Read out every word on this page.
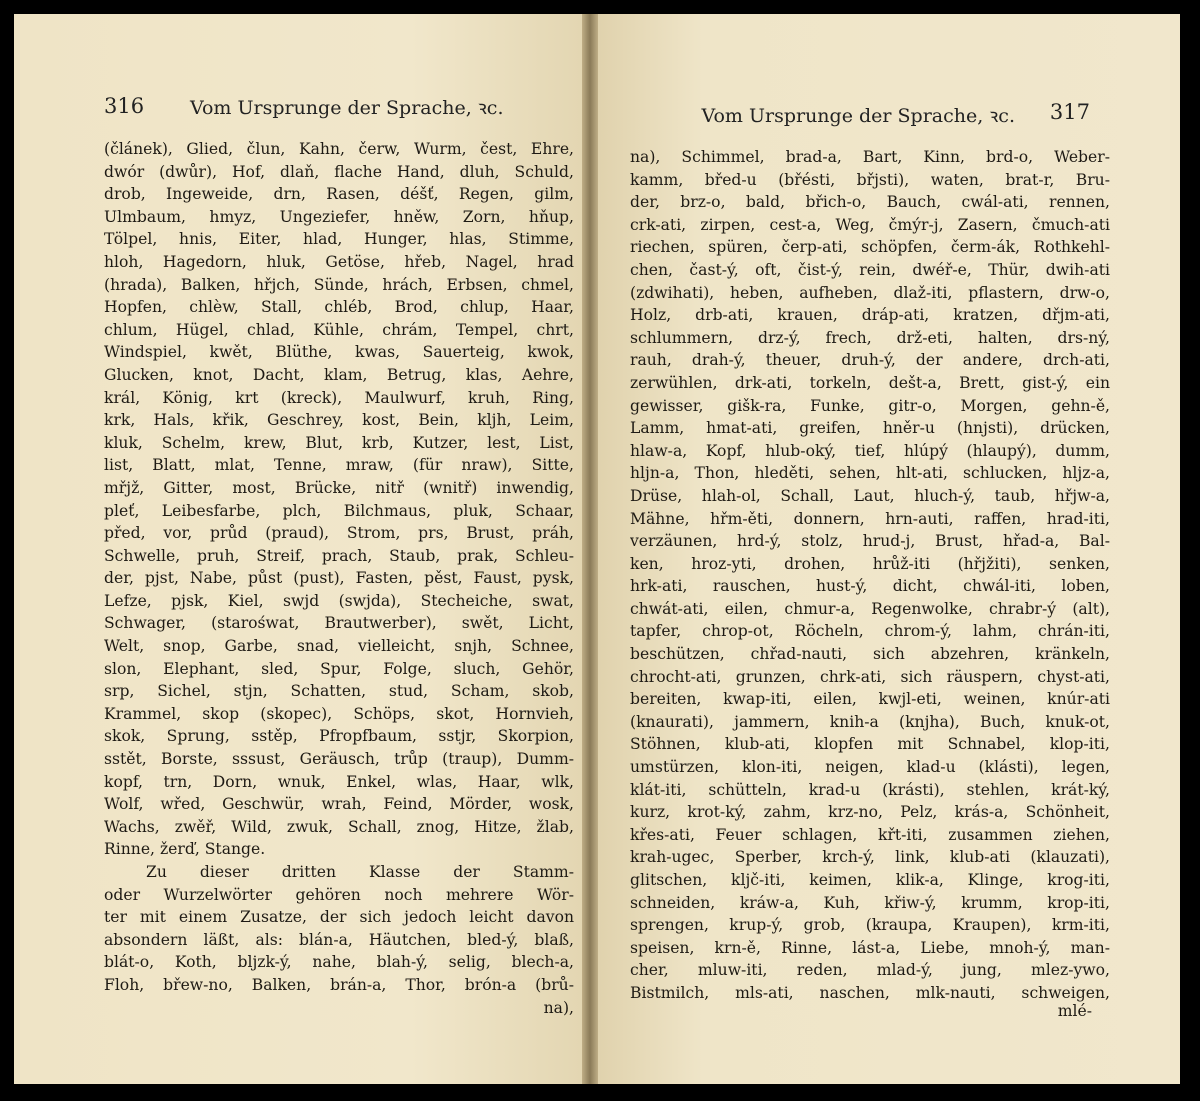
316 Vom Ursprunge der Sprache, ꝛc.
(článek), Glied, člun, Kahn, čerw, Wurm, čest, Ehre,
dwór (dwůr), Hof, dlaň, flache Hand, dluh, Schuld,
drob, Ingeweide, drn, Rasen, déšť, Regen, gilm,
Ulmbaum, hmyz, Ungeziefer, hněw, Zorn, hňup,
Tölpel, hnis, Eiter, hlad, Hunger, hlas, Stimme,
hloh, Hagedorn, hluk, Getöse, hřeb, Nagel, hrad
(hrada), Balken, hřjch, Sünde, hrách, Erbsen, chmel,
Hopfen, chlèw, Stall, chléb, Brod, chlup, Haar,
chlum, Hügel, chlad, Kühle, chrám, Tempel, chrt,
Windspiel, kwět, Blüthe, kwas, Sauerteig, kwok,
Glucken, knot, Dacht, klam, Betrug, klas, Aehre,
král, König, krt (kreck), Maulwurf, kruh, Ring,
krk, Hals, křik, Geschrey, kost, Bein, kljh, Leim,
kluk, Schelm, krew, Blut, krb, Kutzer, lest, List,
list, Blatt, mlat, Tenne, mraw, (für nraw), Sitte,
mřjž, Gitter, most, Brücke, nitř (wnitř) inwendig,
pleť, Leibesfarbe, plch, Bilchmaus, pluk, Schaar,
před, vor, průd (praud), Strom, prs, Brust, práh,
Schwelle, pruh, Streif, prach, Staub, prak, Schleu-
der, pjst, Nabe, půst (pust), Fasten, pěst, Faust, pysk,
Lefze, pjsk, Kiel, swjd (swjda), Stecheiche, swat,
Schwager, (starośwat, Brautwerber), swět, Licht,
Welt, snop, Garbe, snad, vielleicht, snjh, Schnee,
slon, Elephant, sled, Spur, Folge, sluch, Gehör,
srp, Sichel, stjn, Schatten, stud, Scham, skob,
Krammel, skop (skopec), Schöps, skot, Hornvieh,
skok, Sprung, sstěp, Pfropfbaum, sstjr, Skorpion,
sstět, Borste, sssust, Geräusch, trůp (traup), Dumm-
kopf, trn, Dorn, wnuk, Enkel, wlas, Haar, wlk,
Wolf, wřed, Geschwür, wrah, Feind, Mörder, wosk,
Wachs, zwěř, Wild, zwuk, Schall, znog, Hitze, žlab,
Rinne, žerď, Stange.
Zu dieser dritten Klasse der Stamm-
oder Wurzelwörter gehören noch mehrere Wör-
ter mit einem Zusatze, der sich jedoch leicht davon
absondern läßt, als: blán-a, Häutchen, bled-ý, blaß,
blát-o, Koth, bljzk-ý, nahe, blah-ý, selig, blech-a,
Floh, břew-no, Balken, brán-a, Thor, brón-a (brů-
na),
Vom Ursprunge der Sprache, ꝛc. 317
na), Schimmel, brad-a, Bart, Kinn, brd-o, Weber-
kamm, břed-u (břésti, břjsti), waten, brat-r, Bru-
der, brz-o, bald, břich-o, Bauch, cwál-ati, rennen,
crk-ati, zirpen, cest-a, Weg, čmýr-j, Zasern, čmuch-ati
riechen, spüren, čerp-ati, schöpfen, čerm-ák, Rothkehl-
chen, čast-ý, oft, čist-ý, rein, dwéř-e, Thür, dwih-ati
(zdwihati), heben, aufheben, dlaž-iti, pflastern, drw-o,
Holz, drb-ati, krauen, dráp-ati, kratzen, dřjm-ati,
schlummern, drz-ý, frech, drž-eti, halten, drs-ný,
rauh, drah-ý, theuer, druh-ý, der andere, drch-ati,
zerwühlen, drk-ati, torkeln, dešt-a, Brett, gist-ý, ein
gewisser, gišk-ra, Funke, gitr-o, Morgen, gehn-ě,
Lamm, hmat-ati, greifen, hněr-u (hnjsti), drücken,
hlaw-a, Kopf, hlub-oký, tief, hlúpý (hlaupý), dumm,
hljn-a, Thon, hleděti, sehen, hlt-ati, schlucken, hljz-a,
Drüse, hlah-ol, Schall, Laut, hluch-ý, taub, hřjw-a,
Mähne, hřm-ěti, donnern, hrn-auti, raffen, hrad-iti,
verzäunen, hrd-ý, stolz, hrud-j, Brust, hřad-a, Bal-
ken, hroz-yti, drohen, hrůž-iti (hřjžiti), senken,
hrk-ati, rauschen, hust-ý, dicht, chwál-iti, loben,
chwát-ati, eilen, chmur-a, Regenwolke, chrabr-ý (alt),
tapfer, chrop-ot, Röcheln, chrom-ý, lahm, chrán-iti,
beschützen, chřad-nauti, sich abzehren, kränkeln,
chrocht-ati, grunzen, chrk-ati, sich räuspern, chyst-ati,
bereiten, kwap-iti, eilen, kwjl-eti, weinen, knúr-ati
(knaurati), jammern, knih-a (knjha), Buch, knuk-ot,
Stöhnen, klub-ati, klopfen mit Schnabel, klop-iti,
umstürzen, klon-iti, neigen, klad-u (klásti), legen,
klát-iti, schütteln, krad-u (krásti), stehlen, krát-ký,
kurz, krot-ký, zahm, krz-no, Pelz, krás-a, Schönheit,
křes-ati, Feuer schlagen, křt-iti, zusammen ziehen,
krah-ugec, Sperber, krch-ý, link, klub-ati (klauzati),
glitschen, kljč-iti, keimen, klik-a, Klinge, krog-iti,
schneiden, kráw-a, Kuh, křiw-ý, krumm, krop-iti,
sprengen, krup-ý, grob, (kraupa, Kraupen), krm-iti,
speisen, krn-ě, Rinne, lást-a, Liebe, mnoh-ý, man-
cher, mluw-iti, reden, mlad-ý, jung, mlez-ywo,
Bistmilch, mls-ati, naschen, mlk-nauti, schweigen,
mlé-
